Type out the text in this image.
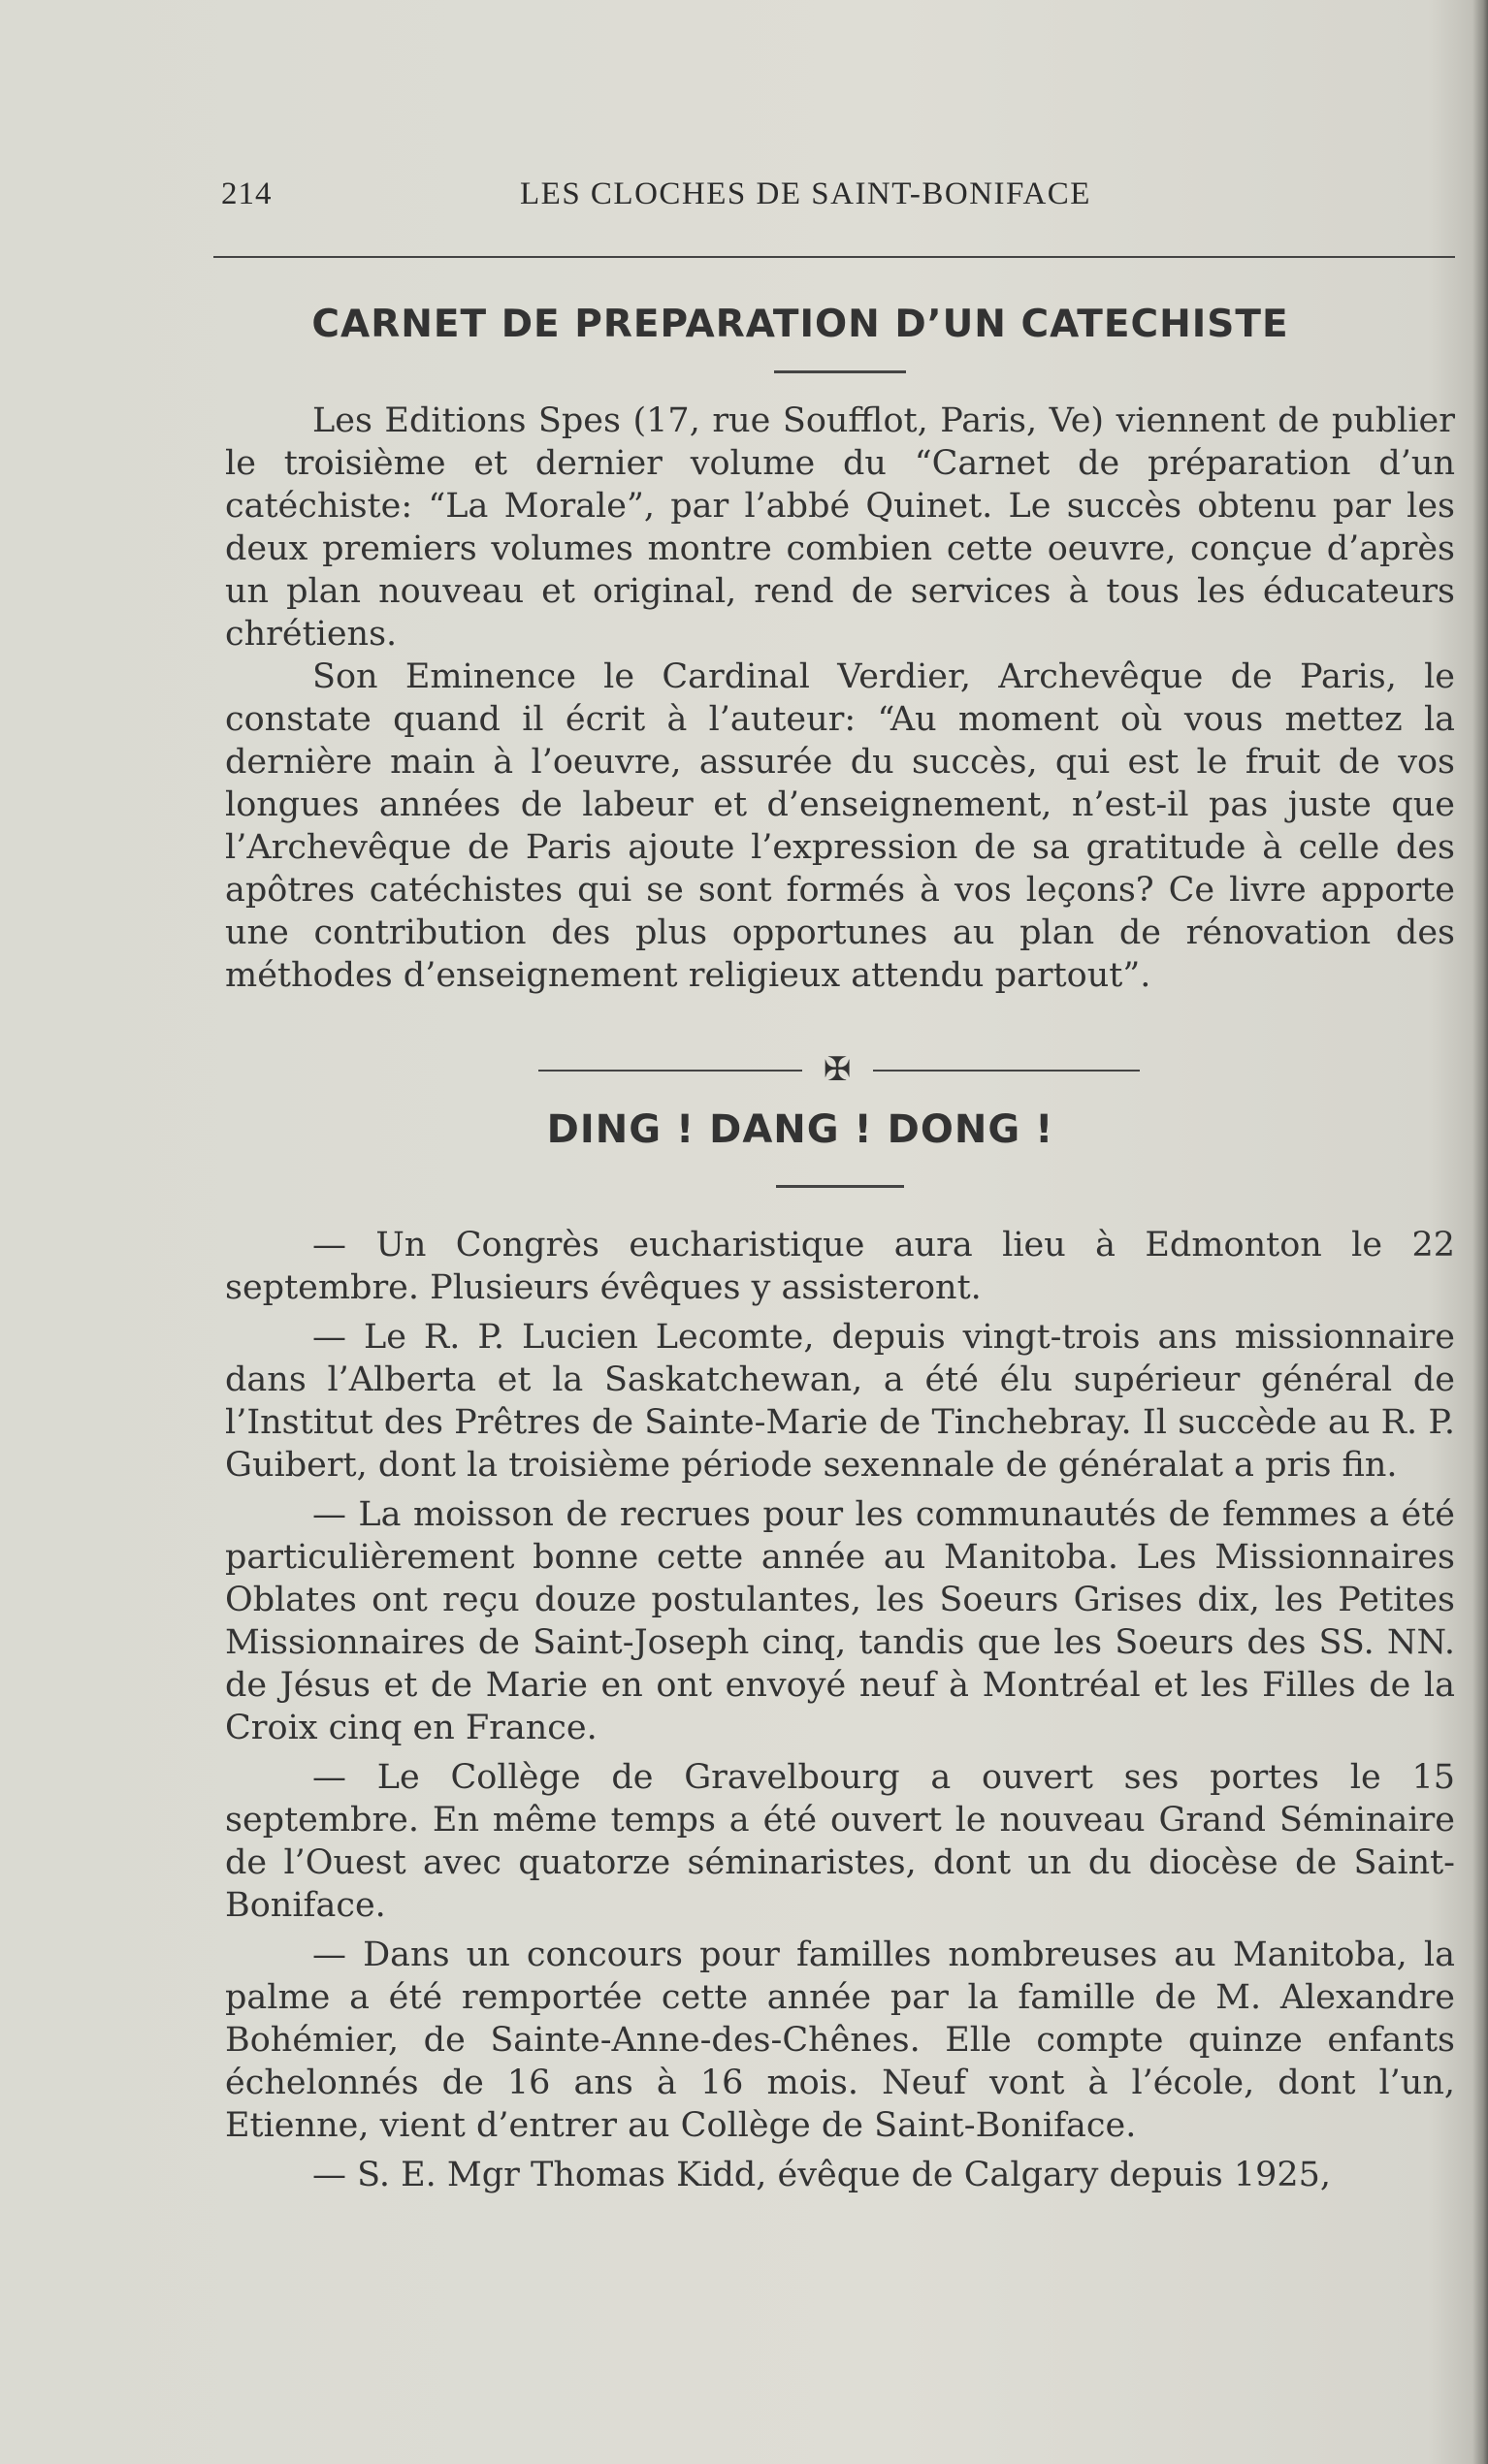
214	LES CLOCHES DE SAINT-BONIFACE
CARNET DE PREPARATION D’UN CATECHISTE

Les Editions Spes (17, rue Soufflot, Paris, Ve) viennent de publier le troisième et dernier volume du “Carnet de préparation d’un catéchiste: “La Morale”, par l’abbé Quinet. Le succès obtenu par les deux premiers volumes montre combien cette oeuvre, conçue d’après un plan nouveau et original, rend de services à tous les éducateurs chrétiens.

Son Eminence le Cardinal Verdier, Archevêque de Paris, le constate quand il écrit à l’auteur: “Au moment où vous mettez la dernière main à l’oeuvre, assurée du succès, qui est le fruit de vos longues années de labeur et d’enseignement, n’est-il pas juste que l’Archevêque de Paris ajoute l’expression de sa gratitude à celle des apôtres catéchistes qui se sont formés à vos leçons? Ce livre apporte une contribution des plus opportunes au plan de rénovation des méthodes d’enseignement religieux attendu partout”.

✠
DING ! DANG ! DONG !

— Un Congrès eucharistique aura lieu à Edmonton le 22 septembre. Plusieurs évêques y assisteront.

— Le R. P. Lucien Lecomte, depuis vingt-trois ans missionnaire dans l’Alberta et la Saskatchewan, a été élu supérieur général de l’Institut des Prêtres de Sainte-Marie de Tinchebray. Il succède au R. P. Guibert, dont la troisième période sexennale de généralat a pris fin.

— La moisson de recrues pour les communautés de femmes a été particulièrement bonne cette année au Manitoba. Les Missionnaires Oblates ont reçu douze postulantes, les Soeurs Grises dix, les Petites Missionnaires de Saint-Joseph cinq, tandis que les Soeurs des SS. NN. de Jésus et de Marie en ont envoyé neuf à Montréal et les Filles de la Croix cinq en France.

— Le Collège de Gravelbourg a ouvert ses portes le 15 septembre. En même temps a été ouvert le nouveau Grand Séminaire de l’Ouest avec quatorze séminaristes, dont un du diocèse de Saint-Boniface.

— Dans un concours pour familles nombreuses au Manitoba, la palme a été remportée cette année par la famille de M. Alexandre Bohémier, de Sainte-Anne-des-Chênes. Elle compte quinze enfants échelonnés de 16 ans à 16 mois. Neuf vont à l’école, dont l’un, Etienne, vient d’entrer au Collège de Saint-Boniface.

— S. E. Mgr Thomas Kidd, évêque de Calgary depuis 1925,
